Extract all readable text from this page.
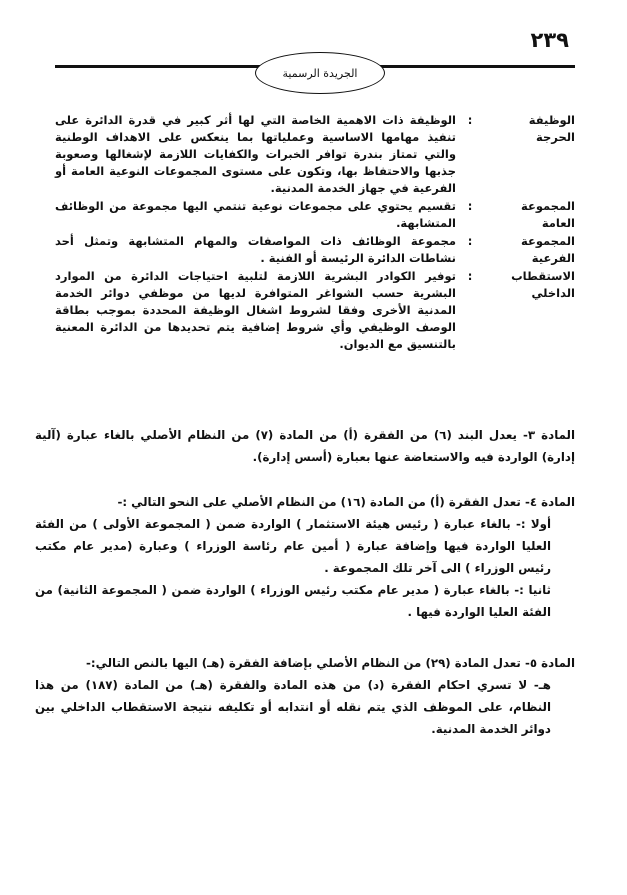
٢٣٩
الجريدة الرسمية
الوظيفة الحرجة
:
الوظيفة ذات الاهمية الخاصة التي لها أثر كبير في قدرة الدائرة على تنفيذ مهامها الاساسية وعملياتها بما ينعكس على الاهداف الوطنية والتي تمتاز بندرة توافر الخبرات والكفايات اللازمة لإشغالها وصعوبة جذبها والاحتفاظ بها، وتكون على مستوى المجموعات النوعية العامة أو الفرعية في جهاز الخدمة المدنية.
المجموعة
العامة
:
تقسيم يحتوي على مجموعات نوعية تنتمي اليها مجموعة من الوظائف المتشابهة.
المجموعة
الفرعية
:
مجموعة الوظائف ذات المواصفات والمهام المتشابهة وتمثل أحد نشاطات الدائرة الرئيسة أو الفنية .
الاستقطاب
الداخلي
:
توفير الكوادر البشرية اللازمة لتلبية احتياجات الدائرة من الموارد البشرية حسب الشواغر المتوافرة لديها من موظفي دوائر الخدمة المدنية الأخرى وفقا لشروط اشغال الوظيفة المحددة بموجب بطاقة الوصف الوظيفي وأي شروط إضافية يتم تحديدها من الدائرة المعنية بالتنسيق مع الديوان.
المادة ٣- يعدل البند (٦) من الفقرة (أ) من المادة (٧) من النظام الأصلي بالغاء عبارة (آلية إدارة) الواردة فيه والاستعاضة عنها بعبارة (أسس إدارة).
المادة ٤- تعدل الفقرة (أ) من المادة (١٦) من النظام الأصلي على النحو التالي :-
أولا :- بالغاء عبارة ( رئيس هيئة الاستثمار ) الواردة ضمن ( المجموعة الأولى ) من الفئة العليا الواردة فيها وإضافة عبارة ( أمين عام رئاسة الوزراء ) وعبارة (مدير عام مكتب رئيس الوزراء ) الى آخر تلك المجموعة .
ثانيا :- بالغاء عبارة ( مدير عام مكتب رئيس الوزراء ) الواردة ضمن ( المجموعة الثانية) من الفئة العليا الواردة فيها .
المادة ٥- تعدل المادة (٢٩) من النظام الأصلي بإضافة الفقرة (هـ) اليها بالنص التالي:-
هـ- لا تسري احكام الفقرة (د) من هذه المادة والفقرة (هـ) من المادة (١٨٧) من هذا النظام، على الموظف الذي يتم نقله أو انتدابه أو تكليفه نتيجة الاستقطاب الداخلي بين دوائر الخدمة المدنية.
